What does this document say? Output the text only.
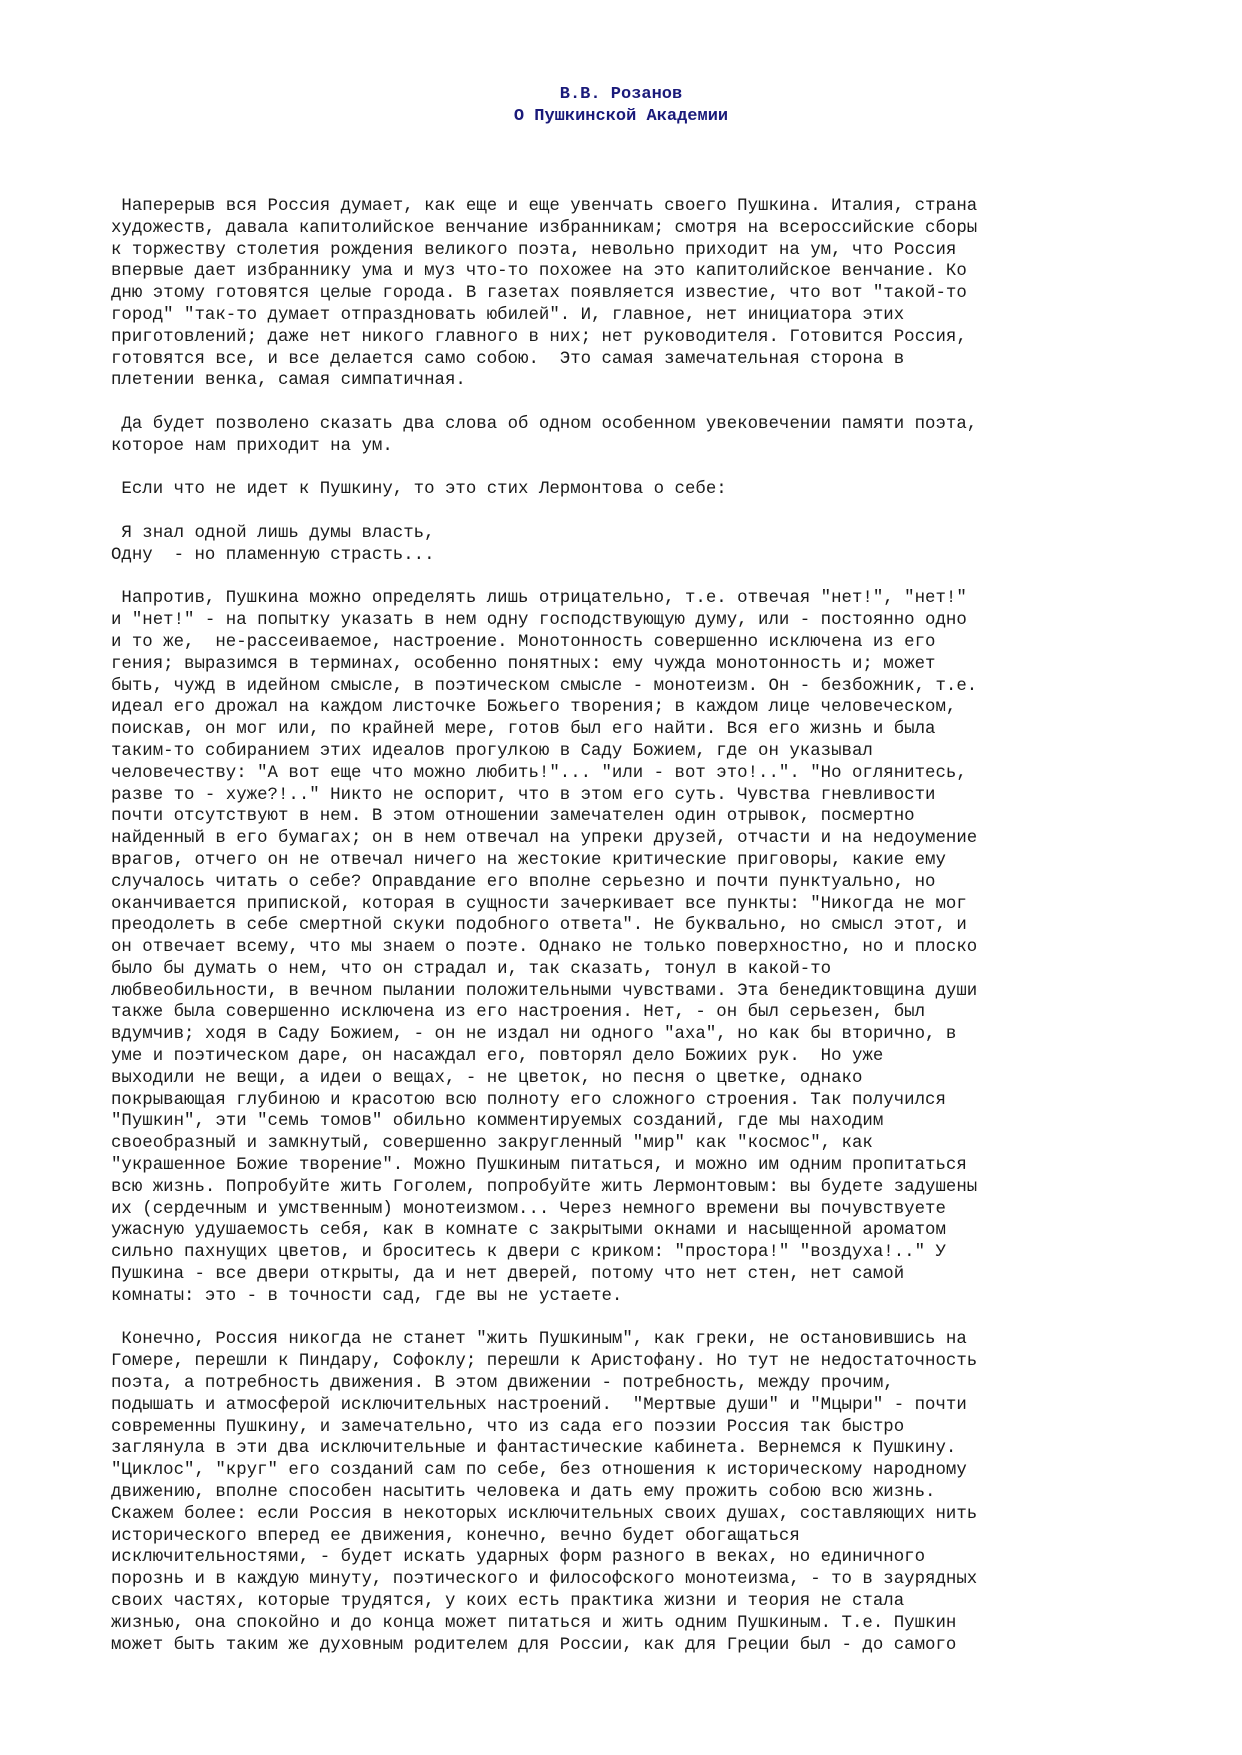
В.В. Розанов
О Пушкинской Академии
Наперерыв вся Россия думает, как еще и еще увенчать своего Пушкина. Италия, страна
художеств, давала капитолийское венчание избранникам; смотря на всероссийские сборы
к торжеству столетия рождения великого поэта, невольно приходит на ум, что Россия
впервые дает избраннику ума и муз что-то похожее на это капитолийское венчание. Ко
дню этому готовятся целые города. В газетах появляется известие, что вот "такой-то
город" "так-то думает отпраздновать юбилей". И, главное, нет инициатора этих
приготовлений; даже нет никого главного в них; нет руководителя. Готовится Россия,
готовятся все, и все делается само собою.  Это самая замечательная сторона в
плетении венка, самая симпатичная.
Да будет позволено сказать два слова об одном особенном увековечении памяти поэта,
которое нам приходит на ум.
Если что не идет к Пушкину, то это стих Лермонтова о себе:
Я знал одной лишь думы власть,
Одну  - но пламенную страсть...
Напротив, Пушкина можно определять лишь отрицательно, т.е. отвечая "нет!", "нет!"
и "нет!" - на попытку указать в нем одну господствующую думу, или - постоянно одно
и то же,  не-рассеиваемое, настроение. Монотонность совершенно исключена из его
гения; выразимся в терминах, особенно понятных: ему чужда монотонность и; может
быть, чужд в идейном смысле, в поэтическом смысле - монотеизм. Он - безбожник, т.е.
идеал его дрожал на каждом листочке Божьего творения; в каждом лице человеческом,
поискав, он мог или, по крайней мере, готов был его найти. Вся его жизнь и была
таким-то собиранием этих идеалов прогулкою в Саду Божием, где он указывал
человечеству: "А вот еще что можно любить!"... "или - вот это!..". "Но оглянитесь,
разве то - хуже?!.." Никто не оспорит, что в этом его суть. Чувства гневливости
почти отсутствуют в нем. В этом отношении замечателен один отрывок, посмертно
найденный в его бумагах; он в нем отвечал на упреки друзей, отчасти и на недоумение
врагов, отчего он не отвечал ничего на жестокие критические приговоры, какие ему
случалось читать о себе? Оправдание его вполне серьезно и почти пунктуально, но
оканчивается припиской, которая в сущности зачеркивает все пункты: "Никогда не мог
преодолеть в себе смертной скуки подобного ответа". Не буквально, но смысл этот, и
он отвечает всему, что мы знаем о поэте. Однако не только поверхностно, но и плоско
было бы думать о нем, что он страдал и, так сказать, тонул в какой-то
любвеобильности, в вечном пылании положительными чувствами. Эта бенедиктовщина души
также была совершенно исключена из его настроения. Нет, - он был серьезен, был
вдумчив; ходя в Саду Божием, - он не издал ни одного "аха", но как бы вторично, в
уме и поэтическом даре, он насаждал его, повторял дело Божиих рук.  Но уже
выходили не вещи, а идеи о вещах, - не цветок, но песня о цветке, однако
покрывающая глубиною и красотою всю полноту его сложного строения. Так получился
"Пушкин", эти "семь томов" обильно комментируемых созданий, где мы находим
своеобразный и замкнутый, совершенно закругленный "мир" как "космос", как
"украшенное Божие творение". Можно Пушкиным питаться, и можно им одним пропитаться
всю жизнь. Попробуйте жить Гоголем, попробуйте жить Лермонтовым: вы будете задушены
их (сердечным и умственным) монотеизмом... Через немного времени вы почувствуете
ужасную удушаемость себя, как в комнате с закрытыми окнами и насыщенной ароматом
сильно пахнущих цветов, и броситесь к двери с криком: "простора!" "воздуха!.." У
Пушкина - все двери открыты, да и нет дверей, потому что нет стен, нет самой
комнаты: это - в точности сад, где вы не устаете.
Конечно, Россия никогда не станет "жить Пушкиным", как греки, не остановившись на
Гомере, перешли к Пиндару, Софоклу; перешли к Аристофану. Но тут не недостаточность
поэта, а потребность движения. В этом движении - потребность, между прочим,
подышать и атмосферой исключительных настроений.  "Мертвые души" и "Мцыри" - почти
современны Пушкину, и замечательно, что из сада его поэзии Россия так быстро
заглянула в эти два исключительные и фантастические кабинета. Вернемся к Пушкину.
"Циклос", "круг" его созданий сам по себе, без отношения к историческому народному
движению, вполне способен насытить человека и дать ему прожить собою всю жизнь.
Скажем более: если Россия в некоторых исключительных своих душах, составляющих нить
исторического вперед ее движения, конечно, вечно будет обогащаться
исключительностями, - будет искать ударных форм разного в веках, но единичного
порознь и в каждую минуту, поэтического и философского монотеизма, - то в заурядных
своих частях, которые трудятся, у коих есть практика жизни и теория не стала
жизнью, она спокойно и до конца может питаться и жить одним Пушкиным. Т.е. Пушкин
может быть таким же духовным родителем для России, как для Греции был - до самого
